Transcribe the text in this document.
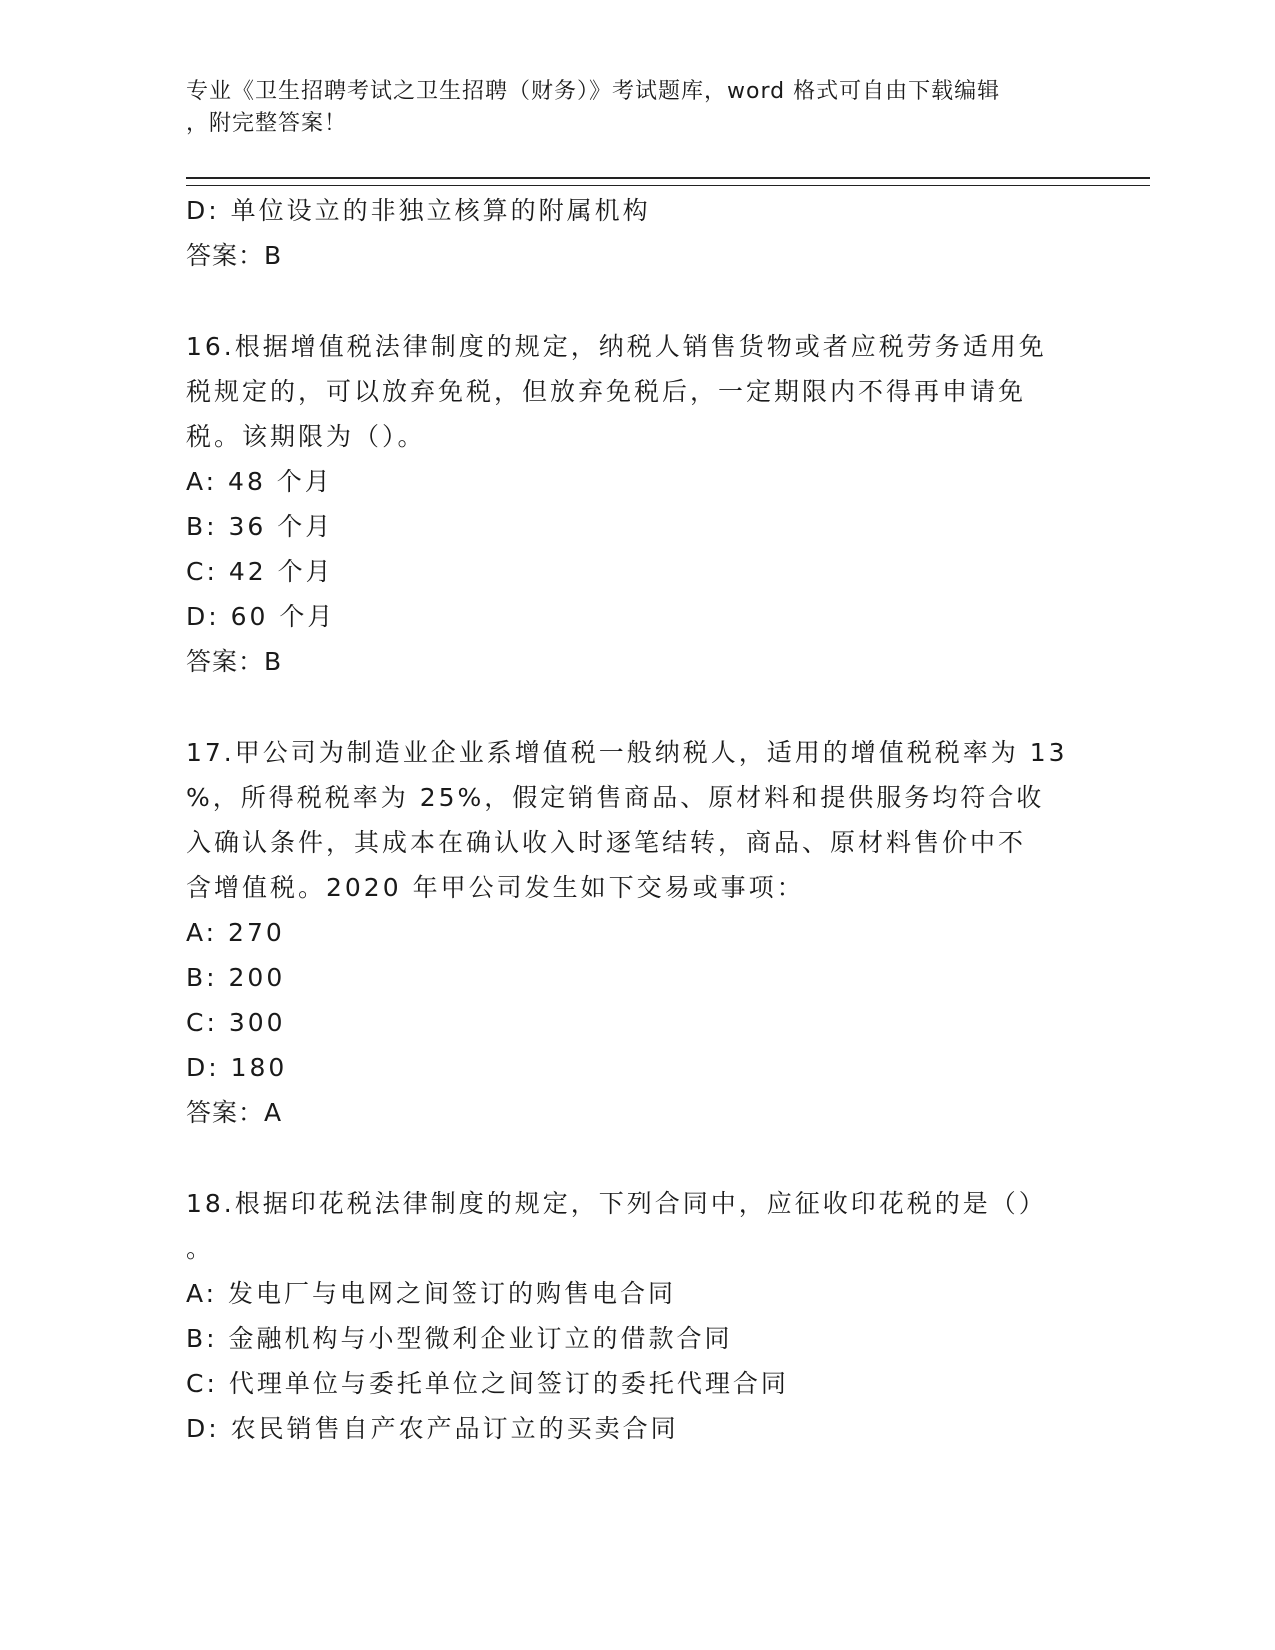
专业《卫生招聘考试之卫生招聘（财务）》考试题库，word 格式可自由下载编辑
，附完整答案！
D: 单位设立的非独立核算的附属机构
答案：B
16.根据增值税法律制度的规定，纳税人销售货物或者应税劳务适用免
税规定的，可以放弃免税，但放弃免税后，一定期限内不得再申请免
税。该期限为（）。
A: 48 个月
B: 36 个月
C: 42 个月
D: 60 个月
答案：B
17.甲公司为制造业企业系增值税一般纳税人，适用的增值税税率为 13
%，所得税税率为 25%，假定销售商品、原材料和提供服务均符合收
入确认条件，其成本在确认收入时逐笔结转，商品、原材料售价中不
含增值税。2020 年甲公司发生如下交易或事项：
A: 270
B: 200
C: 300
D: 180
答案：A
18.根据印花税法律制度的规定，下列合同中，应征收印花税的是（）
。
A: 发电厂与电网之间签订的购售电合同
B: 金融机构与小型微利企业订立的借款合同
C: 代理单位与委托单位之间签订的委托代理合同
D: 农民销售自产农产品订立的买卖合同
